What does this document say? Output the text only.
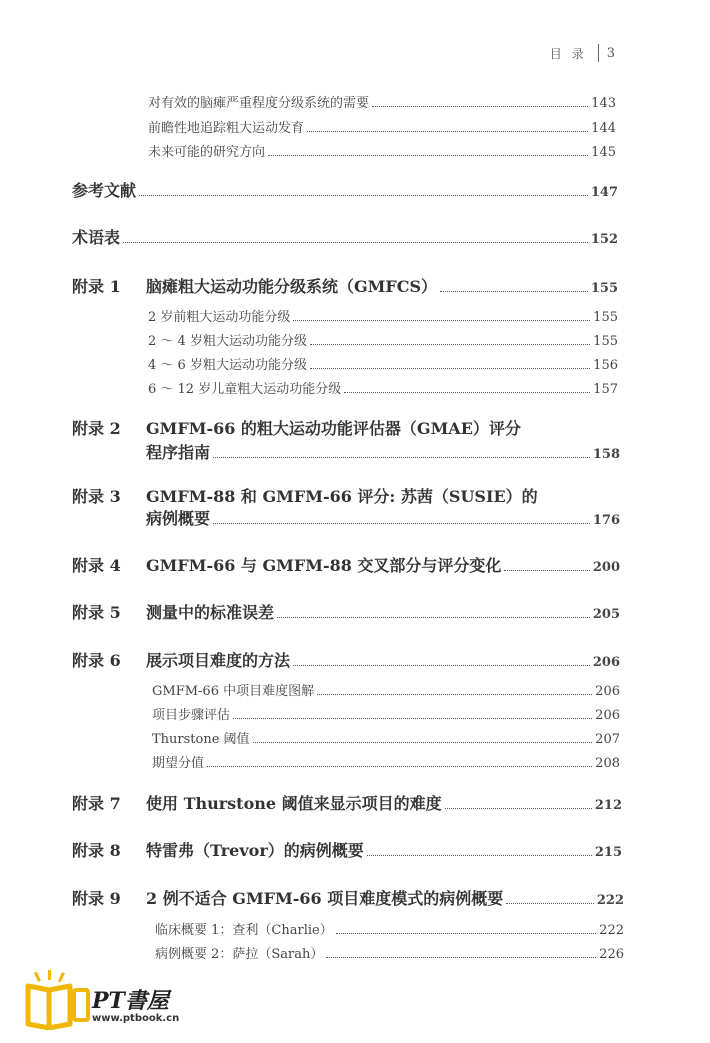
目录 3
对有效的脑瘫严重程度分级系统的需要	143
前瞻性地追踪粗大运动发育	144
未来可能的研究方向	145
参考文献	147
术语表	152
附录 1	脑瘫粗大运动功能分级系统（GMFCS）	155
2 岁前粗大运动功能分级	155
2 ～ 4 岁粗大运动功能分级	155
4 ～ 6 岁粗大运动功能分级	156
6 ～ 12 岁儿童粗大运动功能分级	157
附录 2	GMFM-66 的粗大运动功能评估器（GMAE）评分
程序指南	158
附录 3	GMFM-88 和 GMFM-66 评分: 苏茜（SUSIE）的
病例概要	176
附录 4	GMFM-66 与 GMFM-88 交叉部分与评分变化	200
附录 5	测量中的标准误差	205
附录 6	展示项目难度的方法	206
GMFM-66 中项目难度图解	206
项目步骤评估	206
Thurstone 阈值	207
期望分值	208
附录 7	使用 Thurstone 阈值来显示项目的难度	212
附录 8	特雷弗（Trevor）的病例概要	215
附录 9	2 例不适合 GMFM-66 项目难度模式的病例概要	222
临床概要 1：查利（Charlie）	222
病例概要 2：萨拉（Sarah）	226
PT書屋
www.ptbook.cn
